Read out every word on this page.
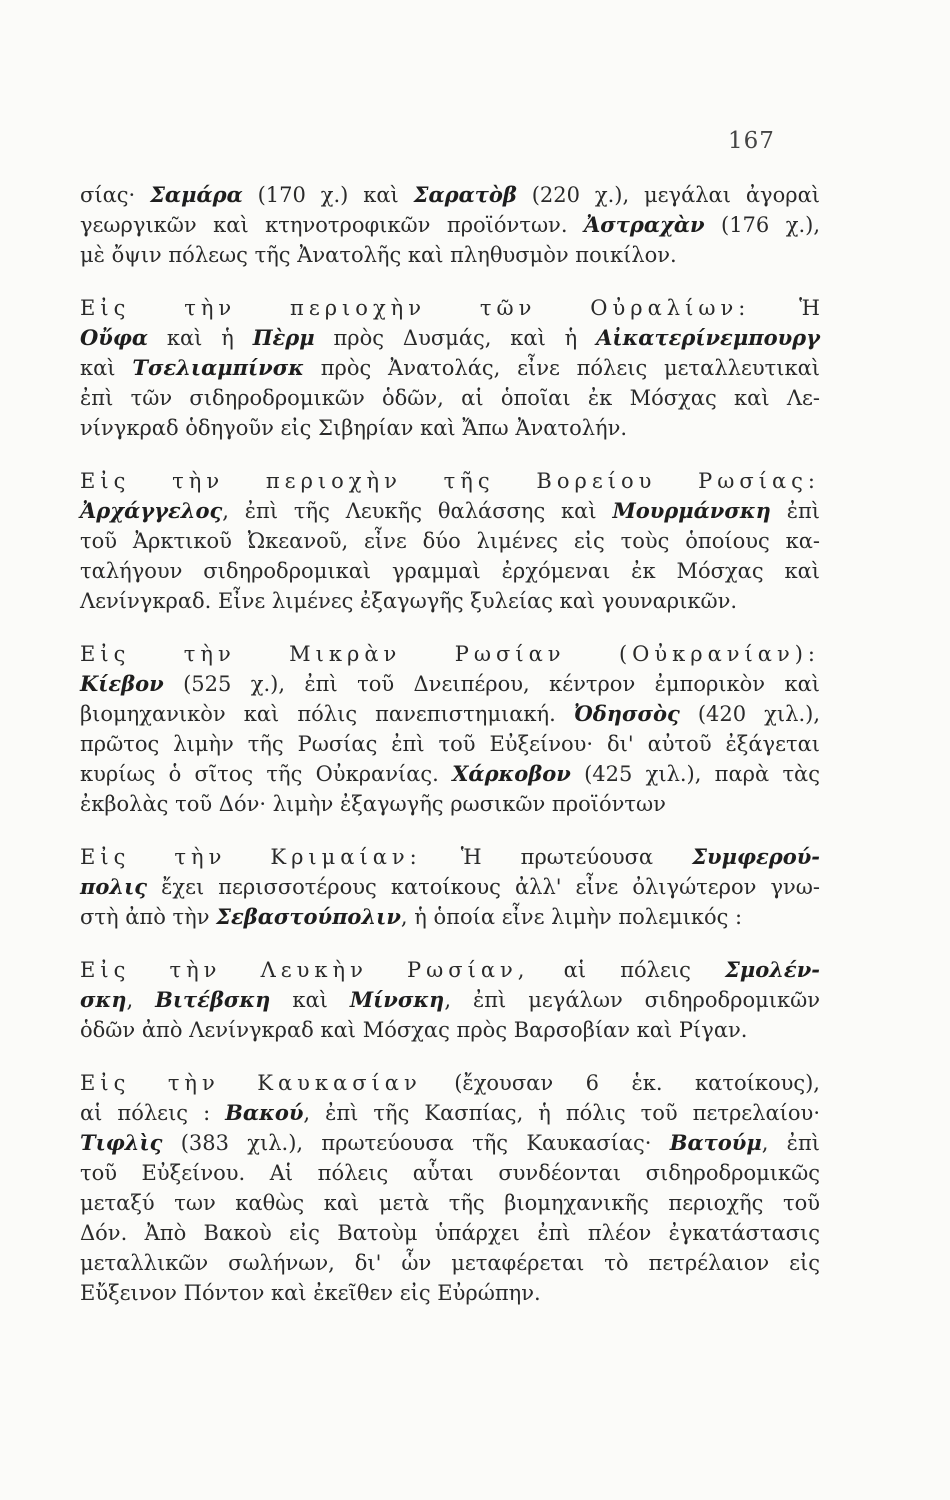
167
σίας· Σαμάρα (170 χ.) καὶ Σαρατὸβ (220 χ.), μεγάλαι ἀγοραὶ
γεωργικῶν καὶ κτηνοτροφικῶν προϊόντων. Ἀστραχὰν (176 χ.),
μὲ ὄψιν πόλεως τῆς Ἀνατολῆς καὶ πληθυσμὸν ποικίλον.
Εἰς τὴν περιοχὴν τῶν Οὐραλίων: Ἡ
Οὔφα καὶ ἡ Πὲρμ πρὸς Δυσμάς, καὶ ἡ Αἰκατερίνεμπουργ
καὶ Τσελιαμπίνσκ πρὸς Ἀνατολάς, εἶνε πόλεις μεταλλευτικαὶ
ἐπὶ τῶν σιδηροδρομικῶν ὁδῶν, αἱ ὁποῖαι ἐκ Μόσχας καὶ Λε-
νίνγκραδ ὁδηγοῦν εἰς Σιβηρίαν καὶ Ἄπω Ἀνατολήν.
Εἰς τὴν περιοχὴν τῆς Βορείου Ρωσίας:
Ἀρχάγγελος, ἐπὶ τῆς Λευκῆς θαλάσσης καὶ Μουρμάνσκη ἐπὶ
τοῦ Ἀρκτικοῦ Ὠκεανοῦ, εἶνε δύο λιμένες εἰς τοὺς ὁποίους κα-
ταλήγουν σιδηροδρομικαὶ γραμμαὶ ἐρχόμεναι ἐκ Μόσχας καὶ
Λενίνγκραδ. Εἶνε λιμένες ἐξαγωγῆς ξυλείας καὶ γουναρικῶν.
Εἰς τὴν Μικρὰν Ρωσίαν (Οὐκρανίαν):
Κίεβον (525 χ.), ἐπὶ τοῦ Δνειπέρου, κέντρον ἐμπορικὸν καὶ
βιομηχανικὸν καὶ πόλις πανεπιστημιακή. Ὀδησσὸς (420 χιλ.),
πρῶτος λιμὴν τῆς Ρωσίας ἐπὶ τοῦ Εὐξείνου· δι' αὐτοῦ ἐξάγεται
κυρίως ὁ σῖτος τῆς Οὐκρανίας. Χάρκοβον (425 χιλ.), παρὰ τὰς
ἐκβολὰς τοῦ Δόν· λιμὴν ἐξαγωγῆς ρωσικῶν προϊόντων
Εἰς τὴν Κριμαίαν: Ἡ πρωτεύουσα Συμφερού-
πολις ἔχει περισσοτέρους κατοίκους ἀλλ' εἶνε ὀλιγώτερον γνω-
στὴ ἀπὸ τὴν Σεβαστούπολιν, ἡ ὁποία εἶνε λιμὴν πολεμικός :
Εἰς τὴν Λευκὴν Ρωσίαν, αἱ πόλεις Σμολέν-
σκη, Βιτέβσκη καὶ Μίνσκη, ἐπὶ μεγάλων σιδηροδρομικῶν
ὁδῶν ἀπὸ Λενίνγκραδ καὶ Μόσχας πρὸς Βαρσοβίαν καὶ Ρίγαν.
Εἰς τὴν Καυκασίαν (ἔχουσαν 6 ἑκ. κατοίκους),
αἱ πόλεις : Βακού, ἐπὶ τῆς Κασπίας, ἡ πόλις τοῦ πετρελαίου·
Τιφλὶς (383 χιλ.), πρωτεύουσα τῆς Καυκασίας· Βατούμ, ἐπὶ
τοῦ Εὐξείνου. Αἱ πόλεις αὗται συνδέονται σιδηροδρομικῶς
μεταξύ των καθὼς καὶ μετὰ τῆς βιομηχανικῆς περιοχῆς τοῦ
Δόν. Ἀπὸ Βακοὺ εἰς Βατοὺμ ὑπάρχει ἐπὶ πλέον ἐγκατάστασις
μεταλλικῶν σωλήνων, δι' ὧν μεταφέρεται τὸ πετρέλαιον εἰς
Εὔξεινον Πόντον καὶ ἐκεῖθεν εἰς Εὐρώπην.
